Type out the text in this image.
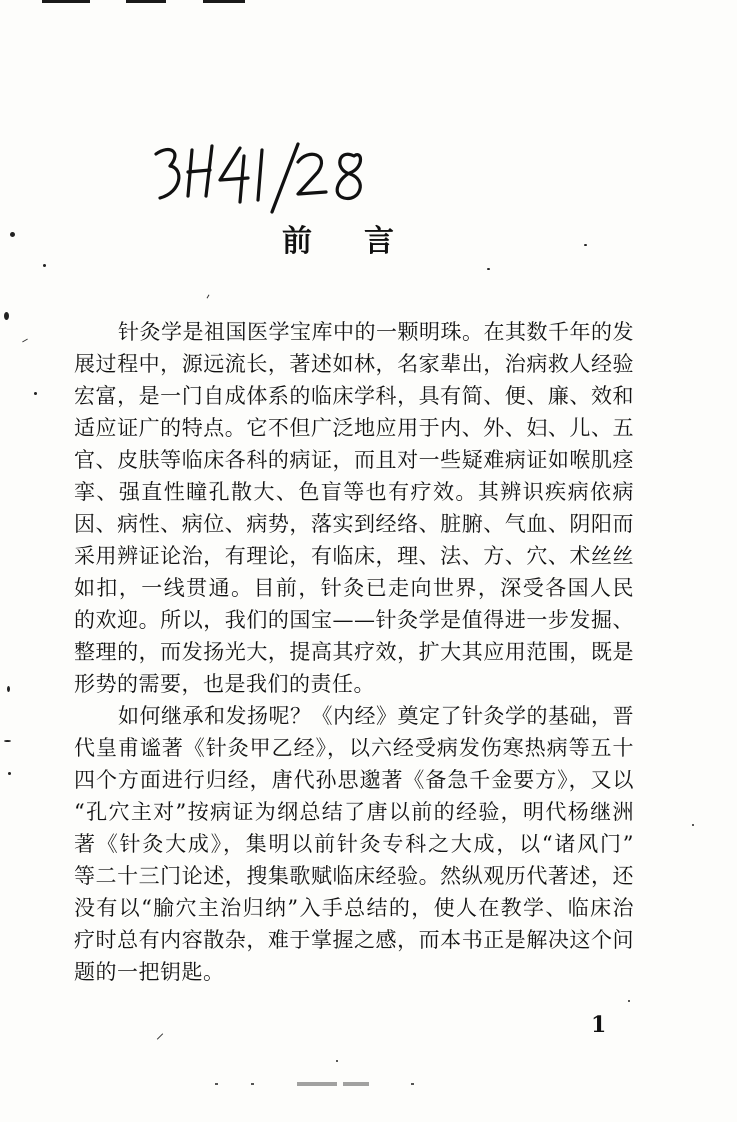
前言
针灸学是祖国医学宝库中的一颗明珠。在其数千年的发
展过程中，源远流长，著述如林，名家辈出，治病救人经验
宏富，是一门自成体系的临床学科，具有简、便、廉、效和
适应证广的特点。它不但广泛地应用于内、外、妇、儿、五
官、皮肤等临床各科的病证，而且对一些疑难病证如喉肌痉
挛、强直性瞳孔散大、色盲等也有疗效。其辨识疾病依病
因、病性、病位、病势，落实到经络、脏腑、气血、阴阳而
采用辨证论治，有理论，有临床，理、法、方、穴、术丝丝
如扣，一线贯通。目前，针灸已走向世界，深受各国人民
的欢迎。所以，我们的国宝——针灸学是值得进一步发掘、
整理的，而发扬光大，提高其疗效，扩大其应用范围，既是
形势的需要，也是我们的责任。
如何继承和发扬呢？《内经》奠定了针灸学的基础，晋
代皇甫谧著《针灸甲乙经》，以六经受病发伤寒热病等五十
四个方面进行归经，唐代孙思邈著《备急千金要方》，又以
“孔穴主对”按病证为纲总结了唐以前的经验，明代杨继洲
著《针灸大成》，集明以前针灸专科之大成，以“诸风门”
等二十三门论述，搜集歌赋临床经验。然纵观历代著述，还
没有以“腧穴主治归纳”入手总结的，使人在教学、临床治
疗时总有内容散杂，难于掌握之感，而本书正是解决这个问
题的一把钥匙。
1
